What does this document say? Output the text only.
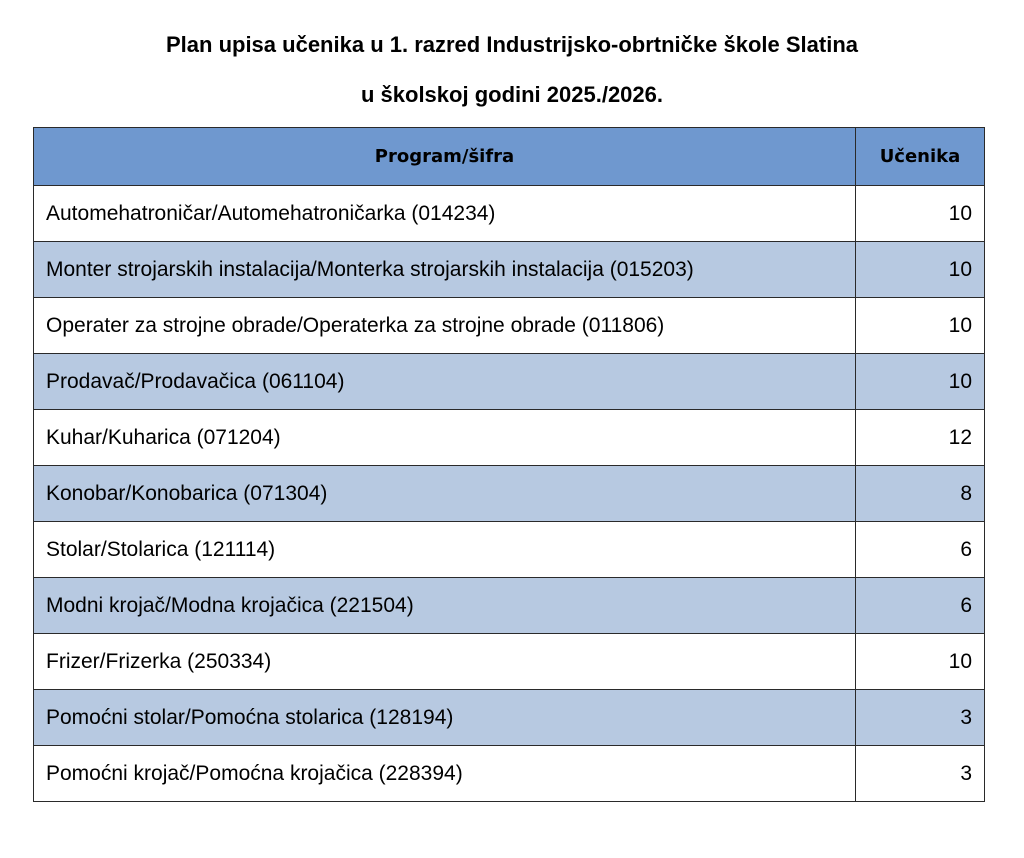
Plan upisa učenika u 1. razred Industrijsko-obrtničke škole Slatina
u školskoj godini 2025./2026.
Program/šifra	Učenika
Automehatroničar/Automehatroničarka (014234)	10
Monter strojarskih instalacija/Monterka strojarskih instalacija (015203)	10
Operater za strojne obrade/Operaterka za strojne obrade (011806)	10
Prodavač/Prodavačica (061104)	10
Kuhar/Kuharica (071204)	12
Konobar/Konobarica (071304)	8
Stolar/Stolarica (121114)	6
Modni krojač/Modna krojačica (221504)	6
Frizer/Frizerka (250334)	10
Pomoćni stolar/Pomoćna stolarica (128194)	3
Pomoćni krojač/Pomoćna krojačica (228394)	3
